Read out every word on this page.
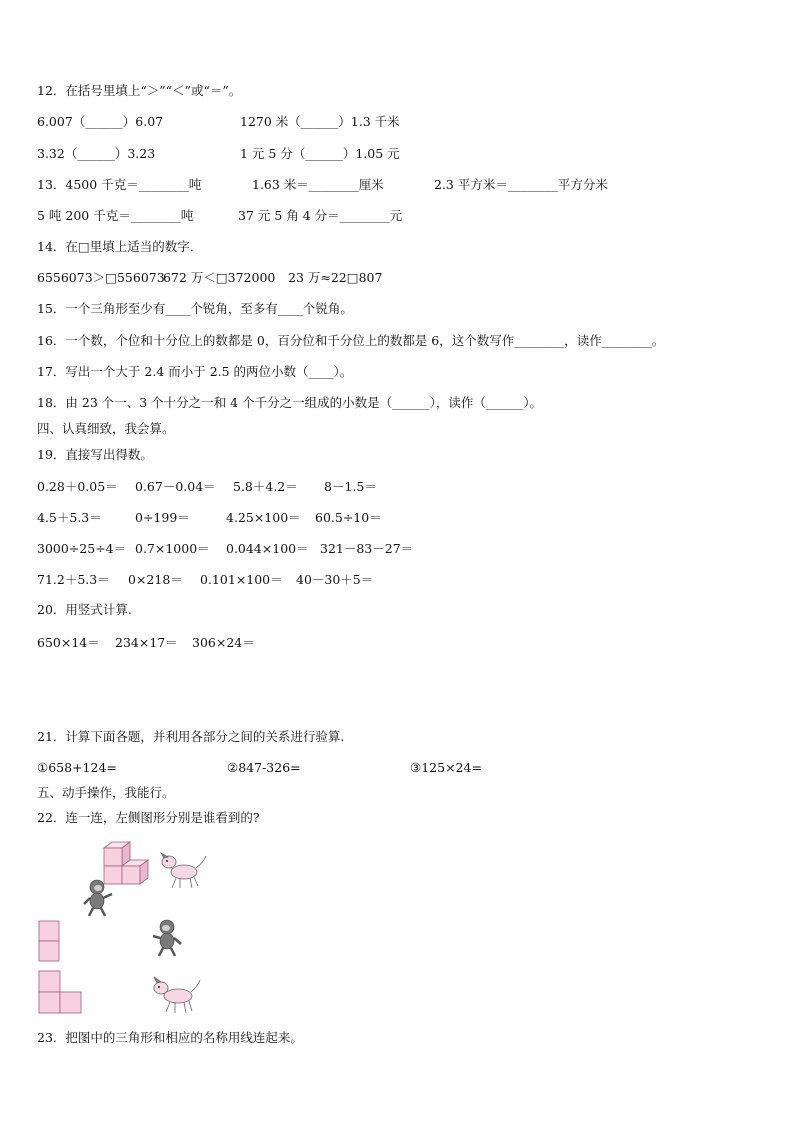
12．在括号里填上“＞”“＜”或“＝”。
6.007（______）6.07	1270 米（______）1.3 千米
3.32（______）3.23	1 元 5 分（______）1.05 元
13．4500 千克＝________吨	1.63 米＝________厘米	2.3 平方米＝________平方分米
5 吨 200 千克＝________吨	37 元 5 角 4 分＝________元
14．在□里填上适当的数字．
6556073＞□556073
672 万＜□372000 23 万≈22□807
15．一个三角形至少有____个锐角，至多有____个锐角。
16．一个数，个位和十分位上的数都是 0，百分位和千分位上的数都是 6，这个数写作________，读作________。
17．写出一个大于 2.4 而小于 2.5 的两位小数（____）。
18．由 23 个一、3 个十分之一和 4 个千分之一组成的小数是（______），读作（______）。
四、认真细致，我会算。
19．直接写出得数。
0.28＋0.05＝ 0.67－0.04＝ 5.8＋4.2＝ 8－1.5＝
4.5＋5.3＝	0÷199＝	4.25×100＝ 60.5÷10＝
3000÷25÷4＝ 0.7×1000＝ 0.044×100＝ 321－83－27＝
71.2＋5.3＝ 0×218＝ 0.101×100＝ 40－30＋5＝
20．用竖式计算.
650×14＝ 234×17＝ 306×24＝
21．计算下面各题，并利用各部分之间的关系进行验算.
①658+124=	②847-326=	③125×24=
五、动手操作，我能行。
22．连一连，左侧图形分别是谁看到的?
23．把图中的三角形和相应的名称用线连起来。
